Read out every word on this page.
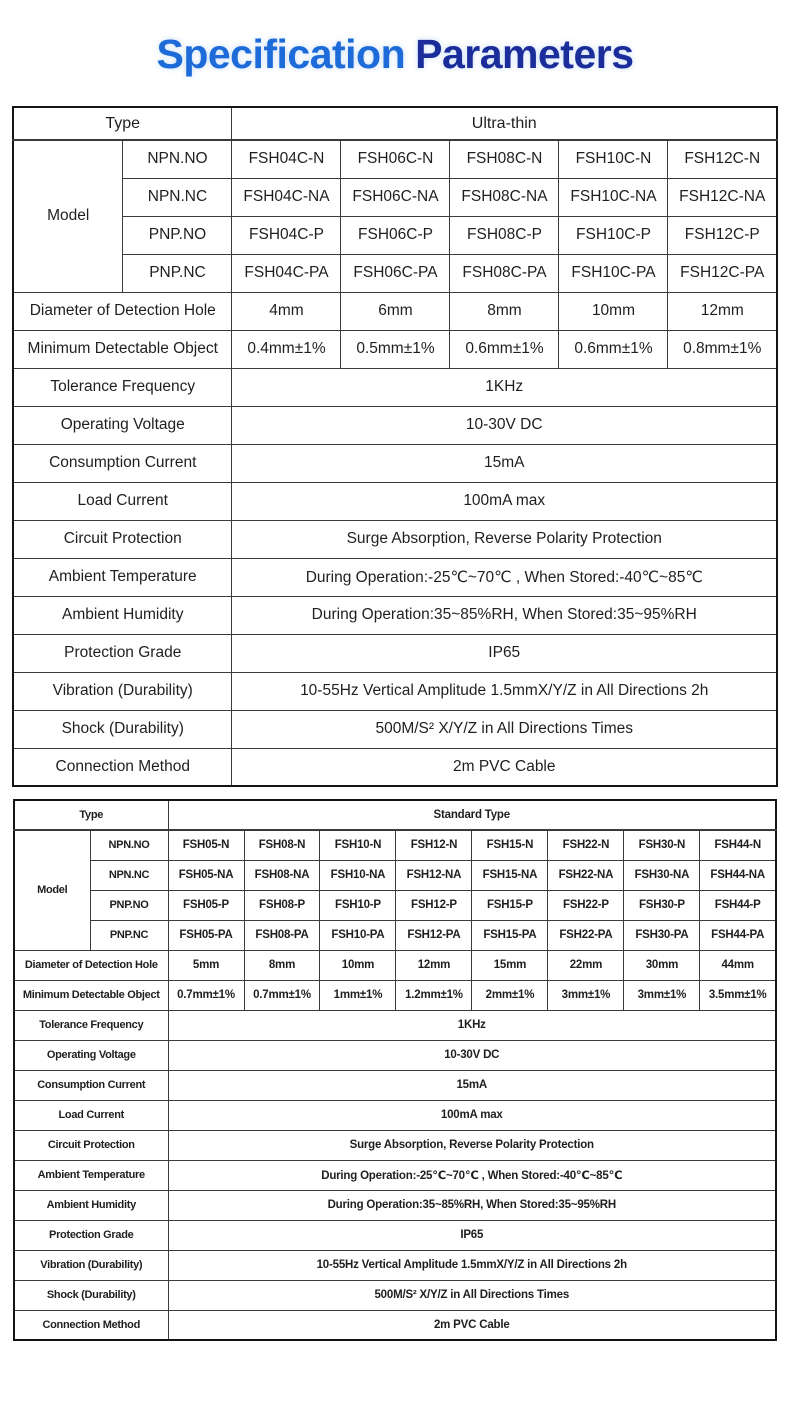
Specification Parameters
Type		Ultra-thin				
Model	NPN.NO	FSH04C-N	FSH06C-N	FSH08C-N	FSH10C-N	FSH12C-N
	NPN.NC	FSH04C-NA	FSH06C-NA	FSH08C-NA	FSH10C-NA	FSH12C-NA
	PNP.NO	FSH04C-P	FSH06C-P	FSH08C-P	FSH10C-P	FSH12C-P
	PNP.NC	FSH04C-PA	FSH06C-PA	FSH08C-PA	FSH10C-PA	FSH12C-PA
Diameter of Detection Hole		4mm	6mm	8mm	10mm	12mm
Minimum Detectable Object		0.4mm±1%	0.5mm±1%	0.6mm±1%	0.6mm±1%	0.8mm±1%
Tolerance Frequency		1KHz				
Operating Voltage		10-30V DC				
Consumption Current		15mA				
Load Current		100mA max				
Circuit Protection		Surge Absorption, Reverse Polarity Protection				
Ambient Temperature		During Operation:-25℃~70℃ , When Stored:-40℃~85℃				
Ambient Humidity		During Operation:35~85%RH, When Stored:35~95%RH				
Protection Grade		IP65				
Vibration (Durability)		10-55Hz Vertical Amplitude 1.5mmX/Y/Z in All Directions 2h				
Shock (Durability)		500M/S² X/Y/Z in All Directions Times				
Connection Method		2m PVC Cable				
Type		Standard Type							
Model	NPN.NO	FSH05-N	FSH08-N	FSH10-N	FSH12-N	FSH15-N	FSH22-N	FSH30-N	FSH44-N
	NPN.NC	FSH05-NA	FSH08-NA	FSH10-NA	FSH12-NA	FSH15-NA	FSH22-NA	FSH30-NA	FSH44-NA
	PNP.NO	FSH05-P	FSH08-P	FSH10-P	FSH12-P	FSH15-P	FSH22-P	FSH30-P	FSH44-P
	PNP.NC	FSH05-PA	FSH08-PA	FSH10-PA	FSH12-PA	FSH15-PA	FSH22-PA	FSH30-PA	FSH44-PA
Diameter of Detection Hole		5mm	8mm	10mm	12mm	15mm	22mm	30mm	44mm
Minimum Detectable Object		0.7mm±1%	0.7mm±1%	1mm±1%	1.2mm±1%	2mm±1%	3mm±1%	3mm±1%	3.5mm±1%
Tolerance Frequency		1KHz							
Operating Voltage		10-30V DC							
Consumption Current		15mA							
Load Current		100mA max							
Circuit Protection		Surge Absorption, Reverse Polarity Protection							
Ambient Temperature		During Operation:-25℃~70℃ , When Stored:-40℃~85℃							
Ambient Humidity		During Operation:35~85%RH, When Stored:35~95%RH							
Protection Grade		IP65							
Vibration (Durability)		10-55Hz Vertical Amplitude 1.5mmX/Y/Z in All Directions 2h							
Shock (Durability)		500M/S² X/Y/Z in All Directions Times							
Connection Method		2m PVC Cable							
